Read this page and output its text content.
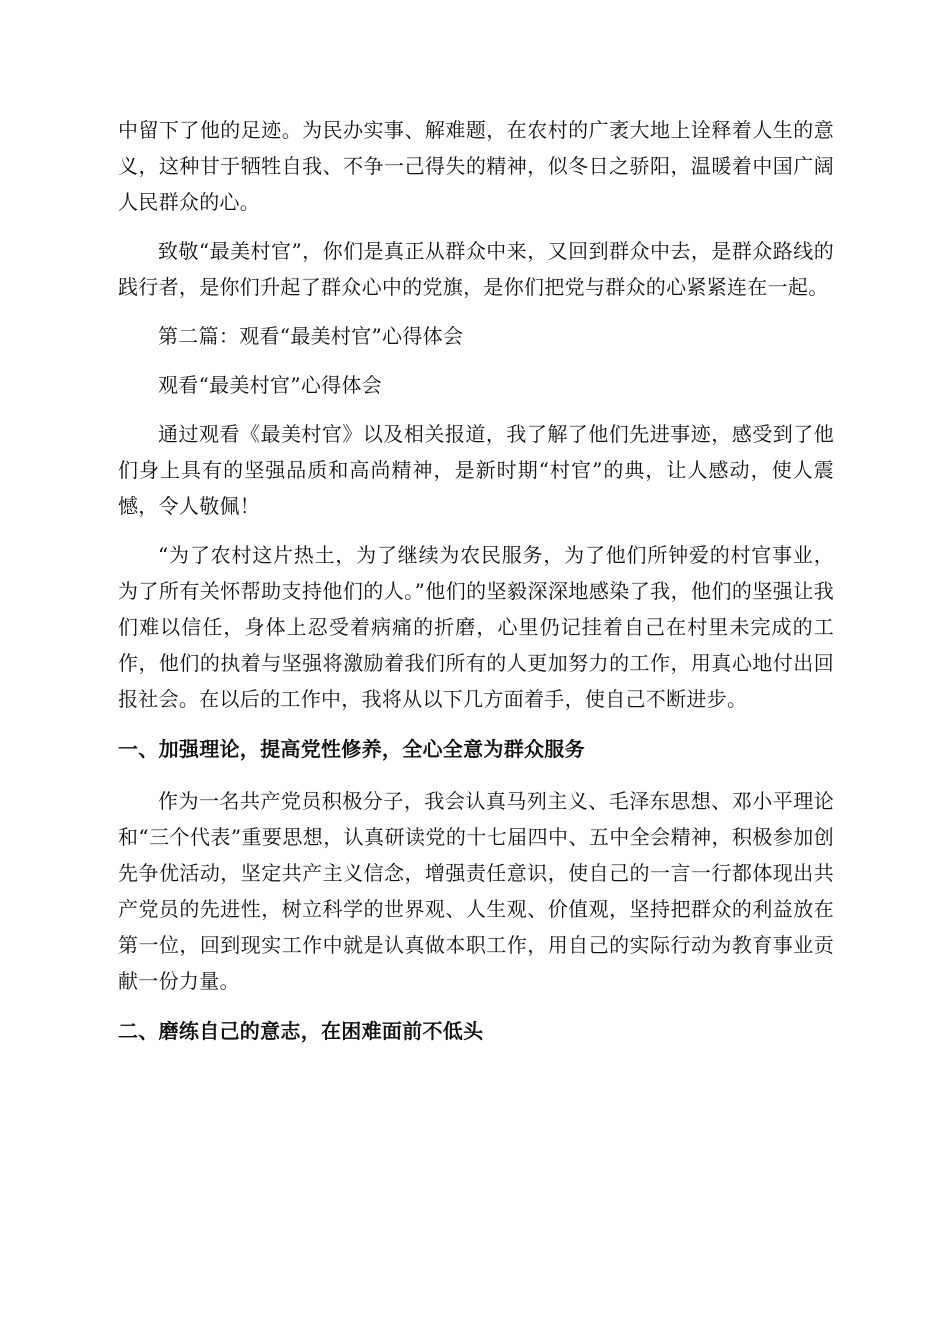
中留下了他的足迹。为民办实事、解难题，在农村的广袤大地上诠释着人生的意义，这种甘于牺牲自我、不争一己得失的精神，似冬日之骄阳，温暖着中国广阔人民群众的心。

致敬“最美村官”，你们是真正从群众中来，又回到群众中去，是群众路线的践行者，是你们升起了群众心中的党旗，是你们把党与群众的心紧紧连在一起。

第二篇：观看“最美村官”心得体会

观看“最美村官”心得体会

通过观看《最美村官》以及相关报道，我了解了他们先进事迹，感受到了他们身上具有的坚强品质和高尚精神，是新时期“村官”的典，让人感动，使人震憾，令人敬佩！

“为了农村这片热土，为了继续为农民服务，为了他们所钟爱的村官事业，为了所有关怀帮助支持他们的人。”他们的坚毅深深地感染了我，他们的坚强让我们难以信任，身体上忍受着病痛的折磨，心里仍记挂着自己在村里未完成的工作，他们的执着与坚强将激励着我们所有的人更加努力的工作，用真心地付出回报社会。在以后的工作中，我将从以下几方面着手，使自己不断进步。

一、加强理论，提高党性修养，全心全意为群众服务

作为一名共产党员积极分子，我会认真马列主义、毛泽东思想、邓小平理论和“三个代表”重要思想，认真研读党的十七届四中、五中全会精神，积极参加创先争优活动，坚定共产主义信念，增强责任意识，使自己的一言一行都体现出共产党员的先进性，树立科学的世界观、人生观、价值观，坚持把群众的利益放在第一位，回到现实工作中就是认真做本职工作，用自己的实际行动为教育事业贡献一份力量。

二、磨练自己的意志，在困难面前不低头
